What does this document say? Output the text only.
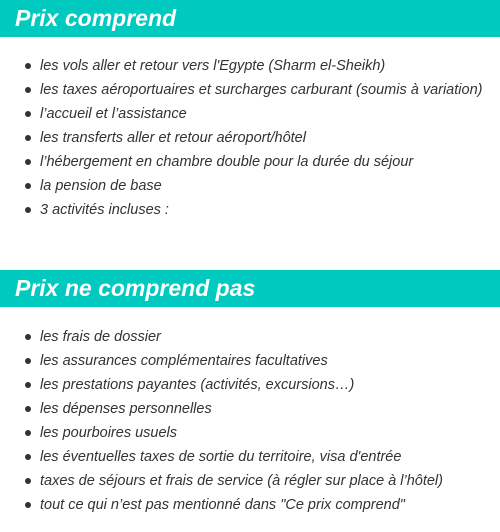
Prix comprend
les vols aller et retour vers l'Egypte (Sharm el-Sheikh)
les taxes aéroportuaires et surcharges carburant (soumis à variation)
l’accueil et l’assistance
les transferts aller et retour aéroport/hôtel
l’hébergement en chambre double pour la durée du séjour
la pension de base
3 activités incluses :
Prix ne comprend pas
les frais de dossier
les assurances complémentaires facultatives
les prestations payantes (activités, excursions…)
les dépenses personnelles
les pourboires usuels
les éventuelles taxes de sortie du territoire, visa d'entrée
taxes de séjours et frais de service (à régler sur place à l’hôtel)
tout ce qui n’est pas mentionné dans "Ce prix comprend"
